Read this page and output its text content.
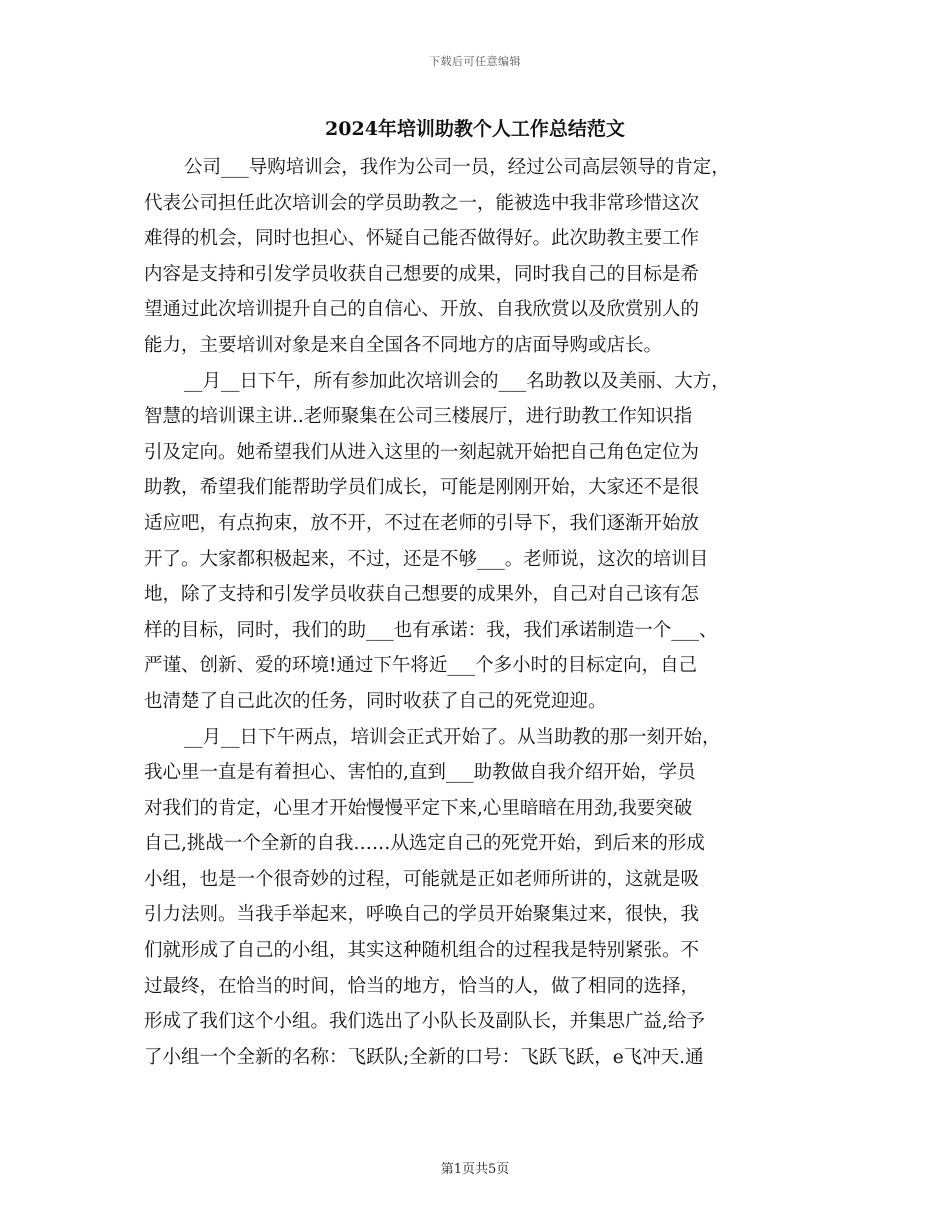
下载后可任意编辑
2024年培训助教个人工作总结范文
公司___导购培训会，我作为公司一员，经过公司高层领导的肯定，
代表公司担任此次培训会的学员助教之一，能被选中我非常珍惜这次
难得的机会，同时也担心、怀疑自己能否做得好。此次助教主要工作
内容是支持和引发学员收获自己想要的成果，同时我自己的目标是希
望通过此次培训提升自己的自信心、开放、自我欣赏以及欣赏别人的
能力，主要培训对象是来自全国各不同地方的店面导购或店长。
__月__日下午，所有参加此次培训会的___名助教以及美丽、大方，
智慧的培训课主讲..老师聚集在公司三楼展厅，进行助教工作知识指
引及定向。她希望我们从进入这里的一刻起就开始把自己角色定位为
助教，希望我们能帮助学员们成长，可能是刚刚开始，大家还不是很
适应吧，有点拘束，放不开，不过在老师的引导下，我们逐渐开始放
开了。大家都积极起来，不过，还是不够___。老师说，这次的培训目
地，除了支持和引发学员收获自己想要的成果外，自己对自己该有怎
样的目标，同时，我们的助___也有承诺：我，我们承诺制造一个___、
严谨、创新、爱的环境!通过下午将近___个多小时的目标定向，自己
也清楚了自己此次的任务，同时收获了自己的死党迎迎。
__月__日下午两点，培训会正式开始了。从当助教的那一刻开始，
我心里一直是有着担心、害怕的,直到___助教做自我介绍开始，学员
对我们的肯定，心里才开始慢慢平定下来,心里暗暗在用劲,我要突破
自己,挑战一个全新的自我……从选定自己的死党开始，到后来的形成
小组，也是一个很奇妙的过程，可能就是正如老师所讲的，这就是吸
引力法则。当我手举起来，呼唤自己的学员开始聚集过来，很快，我
们就形成了自己的小组，其实这种随机组合的过程我是特别紧张。不
过最终，在恰当的时间，恰当的地方，恰当的人，做了相同的选择，
形成了我们这个小组。我们选出了小队长及副队长，并集思广益,给予
了小组一个全新的名称：飞跃队;全新的口号：飞跃飞跃，e飞冲天.通
第1页共5页
